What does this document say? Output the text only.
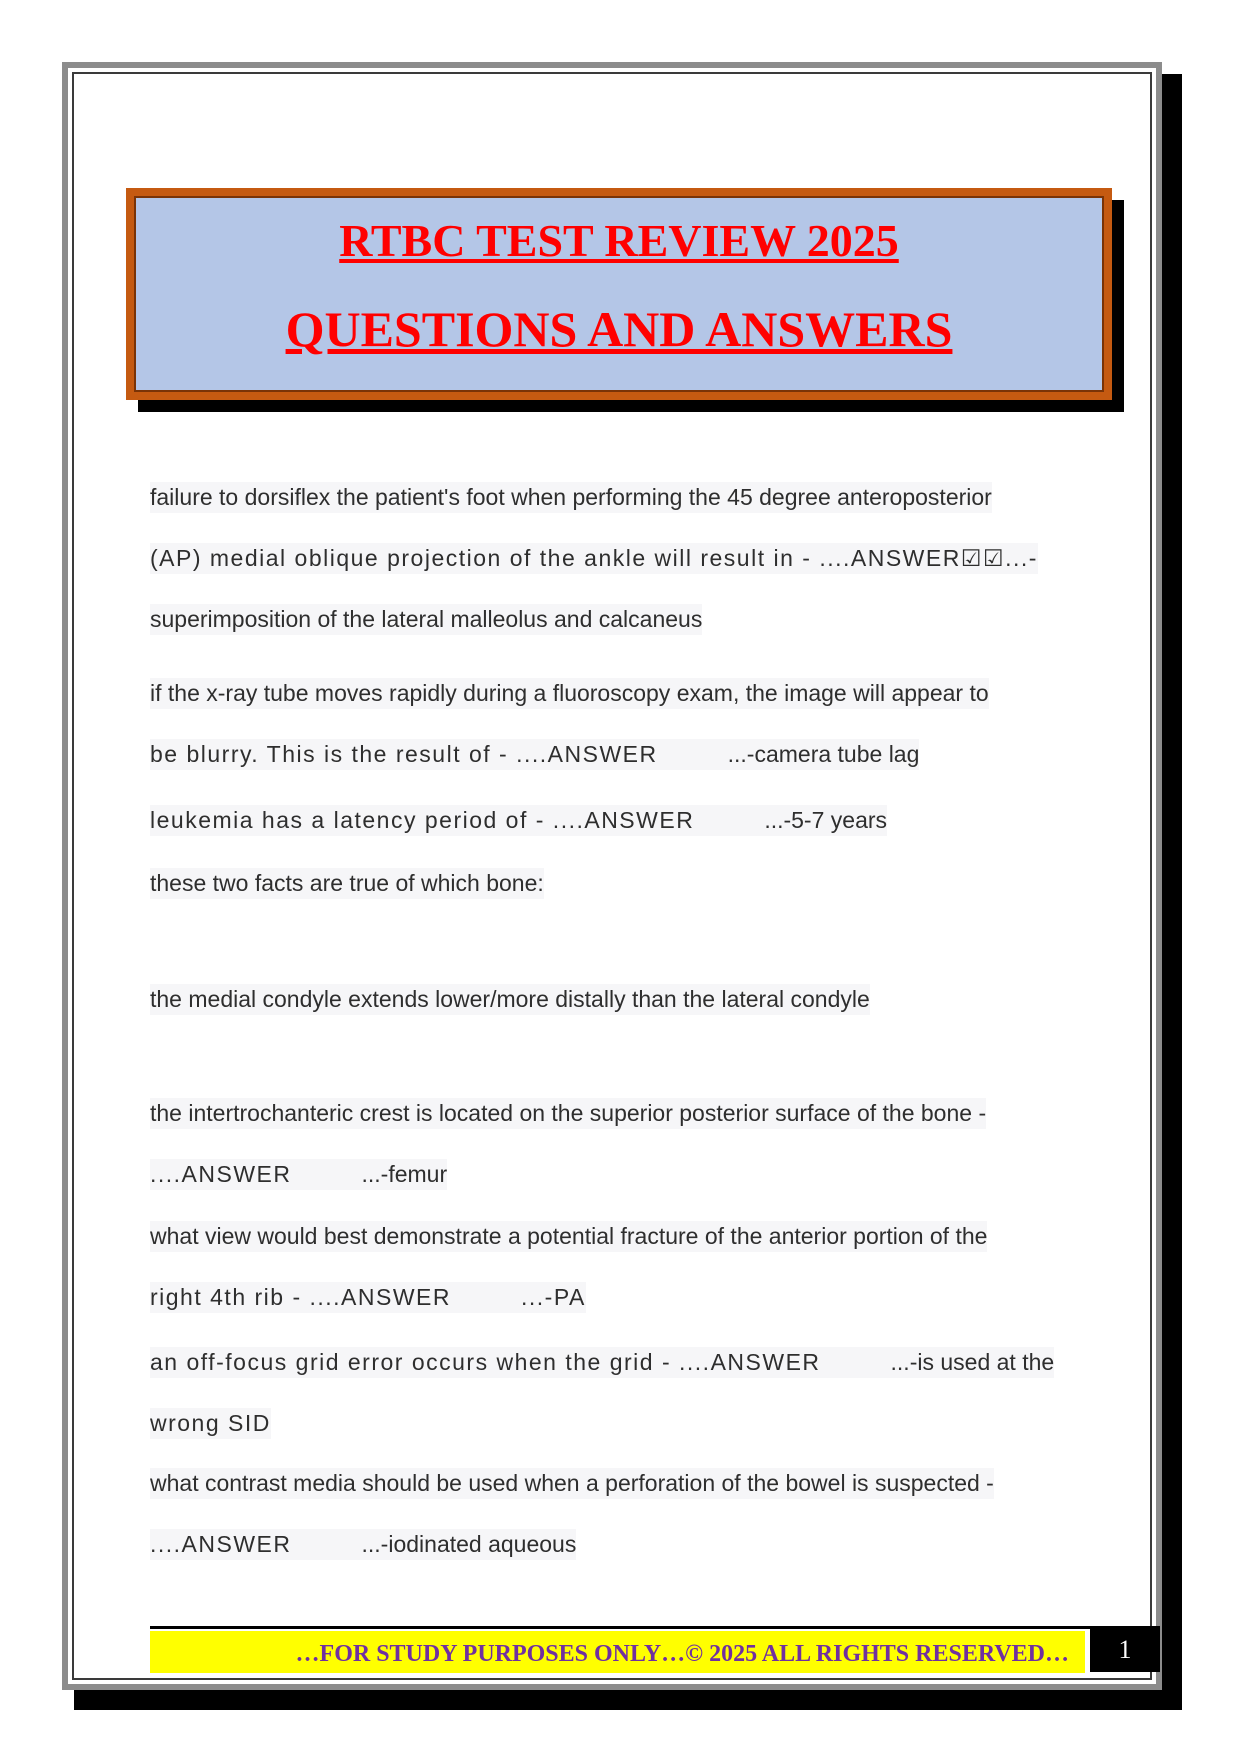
RTBC TEST REVIEW 2025
QUESTIONS AND ANSWERS
failure to dorsiflex the patient's foot when performing the 45 degree anteroposterior
(AP) medial oblique projection of the ankle will result in - ....ANSWER☑☑...-
superimposition of the lateral malleolus and calcaneus
if the x-ray tube moves rapidly during a fluoroscopy exam, the image will appear to
be blurry. This is the result of - ....ANSWER	...-camera tube lag
leukemia has a latency period of - ....ANSWER	...-5-7 years
these two facts are true of which bone:
the medial condyle extends lower/more distally than the lateral condyle
the intertrochanteric crest is located on the superior posterior surface of the bone -
....ANSWER	...-femur
what view would best demonstrate a potential fracture of the anterior portion of the
right 4th rib - ....ANSWER	...-PA
an off-focus grid error occurs when the grid - ....ANSWER	...-is used at the
wrong SID
what contrast media should be used when a perforation of the bowel is suspected -
....ANSWER	...-iodinated aqueous
…FOR STUDY PURPOSES ONLY…© 2025 ALL RIGHTS RESERVED…	1
